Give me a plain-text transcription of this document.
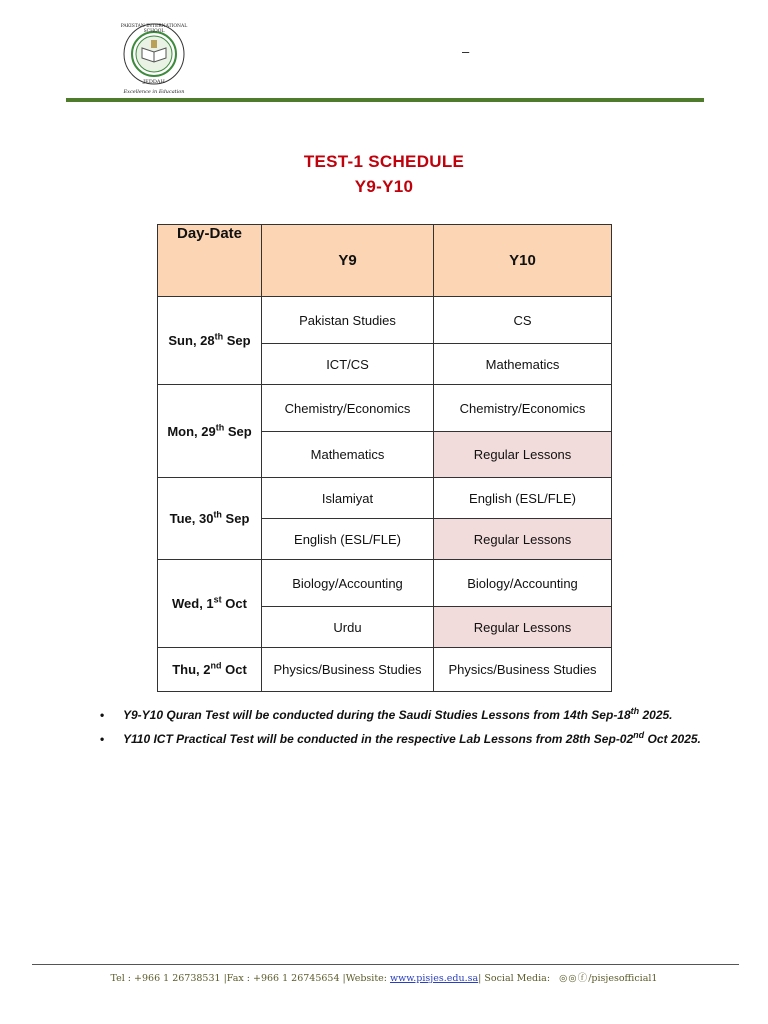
PAKISTAN INTERNATIONAL SCHOOL
JEDDAH
Excellence in Education
–
TEST-1 SCHEDULE
Y9-Y10
Day-Date	Y9	Y10
Sun, 28th Sep	Pakistan Studies	CS
	ICT/CS	Mathematics
Mon, 29th Sep	Chemistry/Economics	Chemistry/Economics
	Mathematics	Regular Lessons
Tue, 30th Sep	Islamiyat	English (ESL/FLE)
	English (ESL/FLE)	Regular Lessons
Wed, 1st Oct	Biology/Accounting	Biology/Accounting
	Urdu	Regular Lessons
Thu, 2nd Oct	Physics/Business Studies	Physics/Business Studies
• Y9-Y10 Quran Test will be conducted during the Saudi Studies Lessons from 14th Sep-18th 2025.
• Y110 ICT Practical Test will be conducted in the respective Lab Lessons from 28th Sep-02nd Oct 2025.
Tel : +966 1 26738531 |Fax : +966 1 26745654 |Website: www.pisjes.edu.sa| Social Media:   ◎◎ⓕ/pisjesofficial1
